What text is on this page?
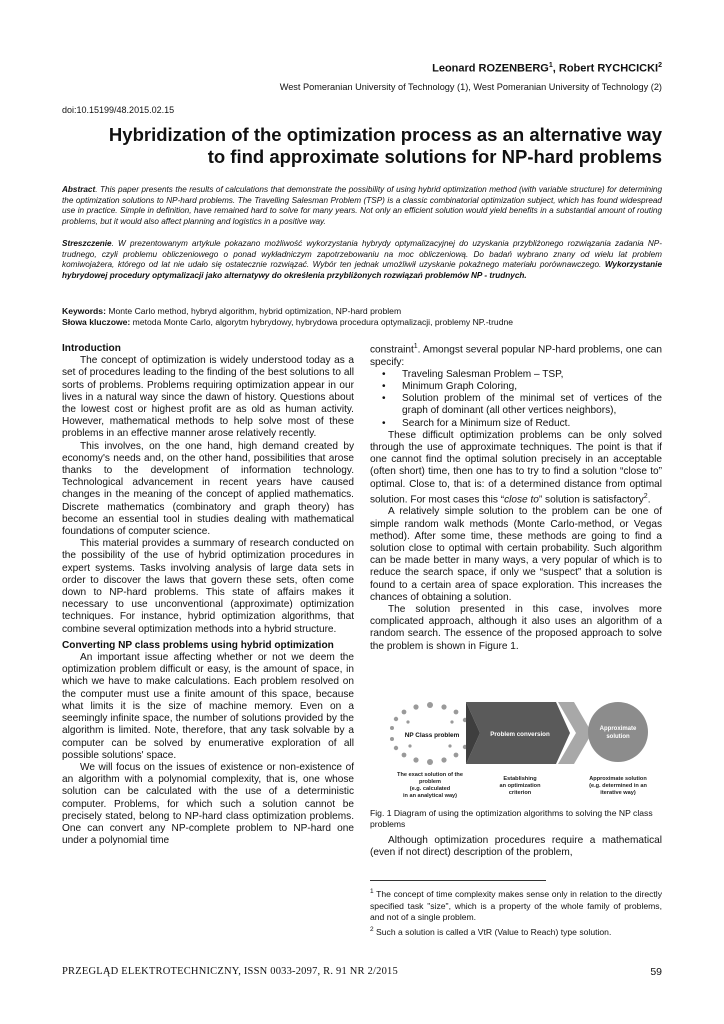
Leonard ROZENBERG$^1$, Robert RYCHCICKI$^2$
West Pomeranian University of Technology (1), West Pomeranian University of Technology (2)
doi:10.15199/48.2015.02.15
Hybridization of the optimization process as an alternative way
to find approximate solutions for NP-hard problems
Abstract. This paper presents the results of calculations that demonstrate the possibility of using hybrid optimization method (with variable structure) for determining the optimization solutions to NP-hard problems. The Travelling Salesman Problem (TSP) is a classic combinatorial optimization subject, which has found widespread use in practice. Simple in definition, have remained hard to solve for many years. Not only an efficient solution would yield benefits in a substantial amount of routing problems, but it would also affect planning and logistics in a positive way.
Streszczenie. W prezentowanym artykule pokazano możliwość wykorzystania hybrydy optymalizacyjnej do uzyskania przybliżonego rozwiązania zadania NP-trudnego, czyli problemu obliczeniowego o ponad wykładniczym zapotrzebowaniu na moc obliczeniową. Do badań wybrano znany od wielu lat problem komiwojażera, którego od lat nie udało się ostatecznie rozwiązać. Wybór ten jednak umożliwił uzyskanie pokaźnego materiału porównawczego. Wykorzystanie hybrydowej procedury optymalizacji jako alternatywy do określenia przybliżonych rozwiązań problemów NP - trudnych.
Keywords: Monte Carlo method, hybryd algorithm, hybrid optimization, NP-hard problem
Słowa kluczowe: metoda Monte Carlo, algorytm hybrydowy, hybrydowa procedura optymalizacji, problemy NP.-trudne
Introduction

The concept of optimization is widely understood today as a set of procedures leading to the finding of the best solutions to all sorts of problems. Problems requiring optimization appear in our lives in a natural way since the dawn of history. Questions about the lowest cost or highest profit are as old as human activity. However, mathematical methods to help solve most of these problems in an effective manner arose relatively recently.

This involves, on the one hand, high demand created by economy's needs and, on the other hand, possibilities that arose thanks to the development of information technology. Technological advancement in recent years have caused changes in the meaning of the concept of applied mathematics. Discrete mathematics (combinatory and graph theory) has become an essential tool in studies dealing with mathematical foundations of computer science.

This material provides a summary of research conducted on the possibility of the use of hybrid optimization procedures in expert systems. Tasks involving analysis of large data sets in order to discover the laws that govern these sets, often come down to NP-hard problems. This state of affairs makes it necessary to use unconventional (approximate) optimization techniques. For instance, hybrid optimization algorithms, that combine several optimization methods into a hybrid structure.

Converting NP class problems using hybrid optimization

An important issue affecting whether or not we deem the optimization problem difficult or easy, is the amount of space, in which we have to make calculations. Each problem resolved on the computer must use a finite amount of this space, because what limits it is the size of machine memory. Even on a seemingly infinite space, the number of solutions provided by the algorithm is limited. Note, therefore, that any task solvable by a computer can be solved by enumerative exploration of all possible solutions' space.

We will focus on the issues of existence or non-existence of an algorithm with a polynomial complexity, that is, one whose solution can be calculated with the use of a deterministic computer. Problems, for which such a solution cannot be precisely stated, belong to NP-hard class optimization problems. One can convert any NP-complete problem to NP-hard one under a polynomial time

constraint$^1$. Amongst several popular NP-hard problems, one can specify:

• Traveling Salesman Problem – TSP,
• Minimum Graph Coloring,
• Solution problem of the minimal set of vertices of the graph of dominant (all other vertices neighbors),
• Search for a Minimum size of Reduct.

These difficult optimization problems can be only solved through the use of approximate techniques. The point is that if one cannot find the optimal solution precisely in an acceptable (often short) time, then one has to try to find a solution “close to” optimal. Close to, that is: of a determined distance from optimal solution. For most cases this “close to” solution is satisfactory$^2$.

A relatively simple solution to the problem can be one of simple random walk methods (Monte Carlo-method, or Vegas method). After some time, these methods are going to find a solution close to optimal with certain probability. Such algorithm can be made better in many ways, a very popular of which is to reduce the search space, if only we “suspect” that a solution is found to a certain area of space exploration. This increases the chances of obtaining a solution.

The solution presented in this case, involves more complicated approach, although it also uses an algorithm of a random search. The essence of the proposed approach to solve the problem is shown in Figure 1.

NP Class problem	Problem conversion
Approximate
solution
The exact solution of the
problem
(e.g. calculated
in an analytical way)
Establishing
an optimization
criterion
Approximate solution
(e.g. determined in an
iterative way)
Fig. 1 Diagram of using the optimization algorithms to solving the NP class problems

Although optimization procedures require a mathematical (even if not direct) description of the problem,

$^1$ The concept of time complexity makes sense only in relation to the directly specified task "size", which is a property of the whole family of problems, and not of a single problem.
$^2$ Such a solution is called a VtR (Value to Reach) type solution.
PRZEGLĄD ELEKTROTECHNICZNY, ISSN 0033-2097, R. 91 NR 2/2015	59
